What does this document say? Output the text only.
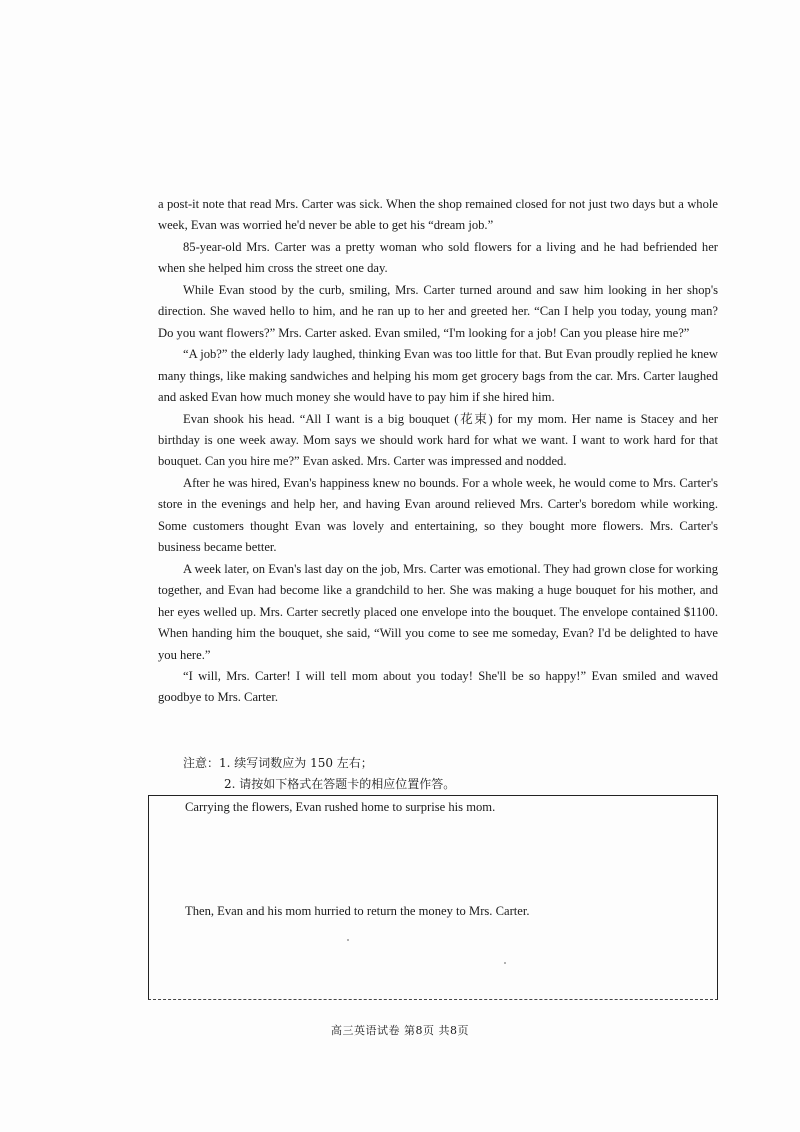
a post-it note that read Mrs. Carter was sick. When the shop remained closed for not just two days but a whole week, Evan was worried he'd never be able to get his “dream job.”

85-year-old Mrs. Carter was a pretty woman who sold flowers for a living and he had befriended her when she helped him cross the street one day.

While Evan stood by the curb, smiling, Mrs. Carter turned around and saw him looking in her shop's direction. She waved hello to him, and he ran up to her and greeted her. “Can I help you today, young man? Do you want flowers?” Mrs. Carter asked. Evan smiled, “I'm looking for a job! Can you please hire me?”

“A job?” the elderly lady laughed, thinking Evan was too little for that. But Evan proudly replied he knew many things, like making sandwiches and helping his mom get grocery bags from the car. Mrs. Carter laughed and asked Evan how much money she would have to pay him if she hired him.

Evan shook his head. “All I want is a big bouquet (花束) for my mom. Her name is Stacey and her birthday is one week away. Mom says we should work hard for what we want. I want to work hard for that bouquet. Can you hire me?” Evan asked. Mrs. Carter was impressed and nodded.

After he was hired, Evan's happiness knew no bounds. For a whole week, he would come to Mrs. Carter's store in the evenings and help her, and having Evan around relieved Mrs. Carter's boredom while working. Some customers thought Evan was lovely and entertaining, so they bought more flowers. Mrs. Carter's business became better.

A week later, on Evan's last day on the job, Mrs. Carter was emotional. They had grown close for working together, and Evan had become like a grandchild to her. She was making a huge bouquet for his mother, and her eyes welled up. Mrs. Carter secretly placed one envelope into the bouquet. The envelope contained $1100. When handing him the bouquet, she said, “Will you come to see me someday, Evan? I'd be delighted to have you here.”

“I will, Mrs. Carter! I will tell mom about you today! She'll be so happy!” Evan smiled and waved goodbye to Mrs. Carter.

注意：1. 续写词数应为 150 左右；
2. 请按如下格式在答题卡的相应位置作答。
Carrying the flowers, Evan rushed home to surprise his mom.
Then, Evan and his mom hurried to return the money to Mrs. Carter.
高三英语试卷 第8页 共8页
